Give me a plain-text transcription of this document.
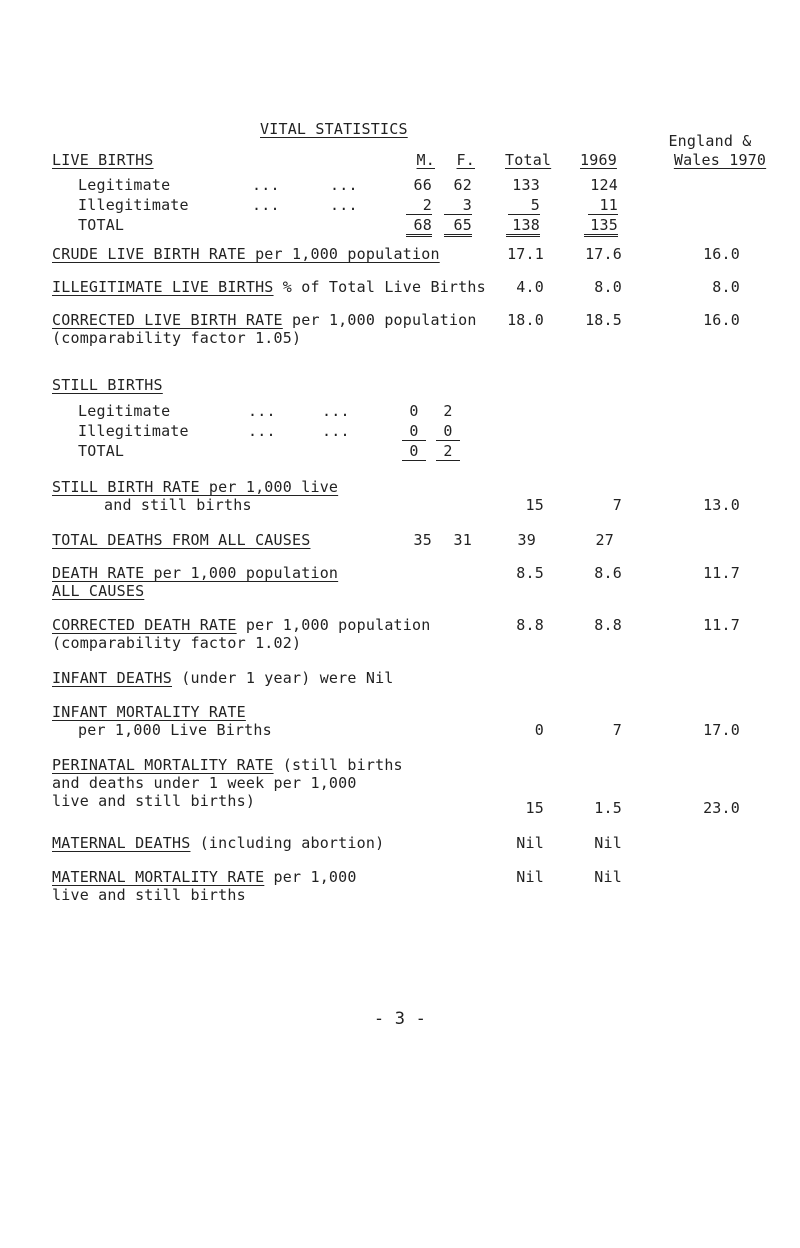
VITAL STATISTICS
England &
Wales 1970
LIVE BIRTHS	M.	F. Total 1969
Legitimate	...	...	66	62	133	124
Illegitimate	...	...	2	3	5	11
TOTAL	68	65	138	135
CRUDE LIVE BIRTH RATE per 1,000 population	17.1	17.6	16.0
ILLEGITIMATE LIVE BIRTHS % of Total Live Births	4.0	8.0	8.0
CORRECTED LIVE BIRTH RATE per 1,000 population
(comparability factor 1.05)
18.0	18.5	16.0
STILL BIRTHS
Legitimate	...	...	0	2
Illegitimate	...	...	0	0
TOTAL	0	2
STILL BIRTH RATE per 1,000 live
and still births	15	7	13.0
TOTAL DEATHS FROM ALL CAUSES	35	31	39	27
DEATH RATE per 1,000 population
ALL CAUSES
8.5	8.6	11.7
CORRECTED DEATH RATE per 1,000 population
(comparability factor 1.02)
8.8	8.8	11.7
INFANT DEATHS (under 1 year) were Nil
INFANT MORTALITY RATE
per 1,000 Live Births	0	7	17.0
PERINATAL MORTALITY RATE (still births
and deaths under 1 week per 1,000
live and still births)	15	1.5	23.0
MATERNAL DEATHS (including abortion)	Nil	Nil
MATERNAL MORTALITY RATE per 1,000
live and still births
Nil	Nil
- 3 -
